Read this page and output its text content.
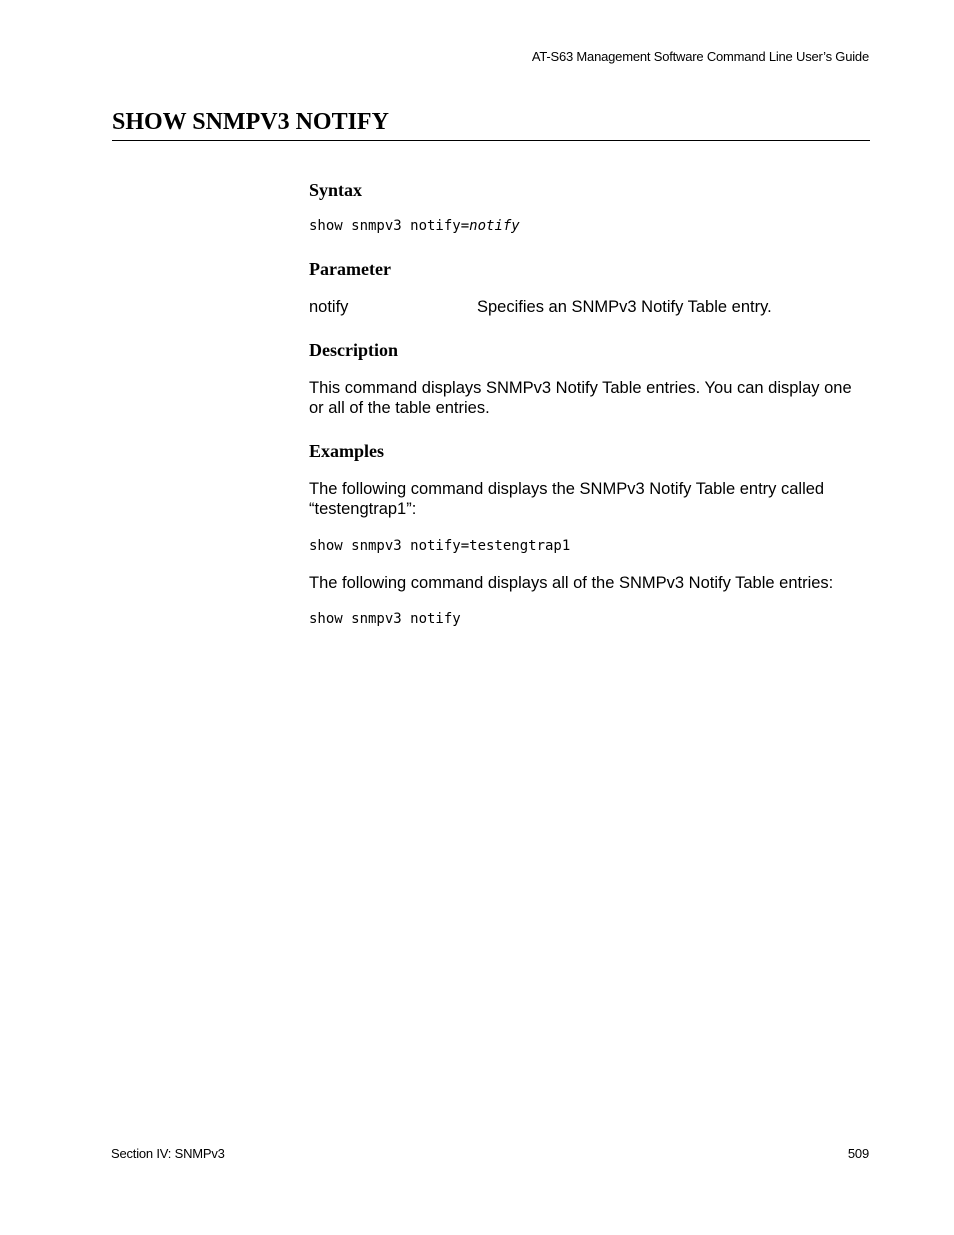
AT-S63 Management Software Command Line User’s Guide
SHOW SNMPV3 NOTIFY
Syntax
show snmpv3 notify=notify
Parameter
notify	Specifies an SNMPv3 Notify Table entry.
Description

This command displays SNMPv3 Notify Table entries. You can display one or all of the table entries.

Examples

The following command displays the SNMPv3 Notify Table entry called “testengtrap1”:

show snmpv3 notify=testengtrap1

The following command displays all of the SNMPv3 Notify Table entries:

show snmpv3 notify
Section IV: SNMPv3	509
